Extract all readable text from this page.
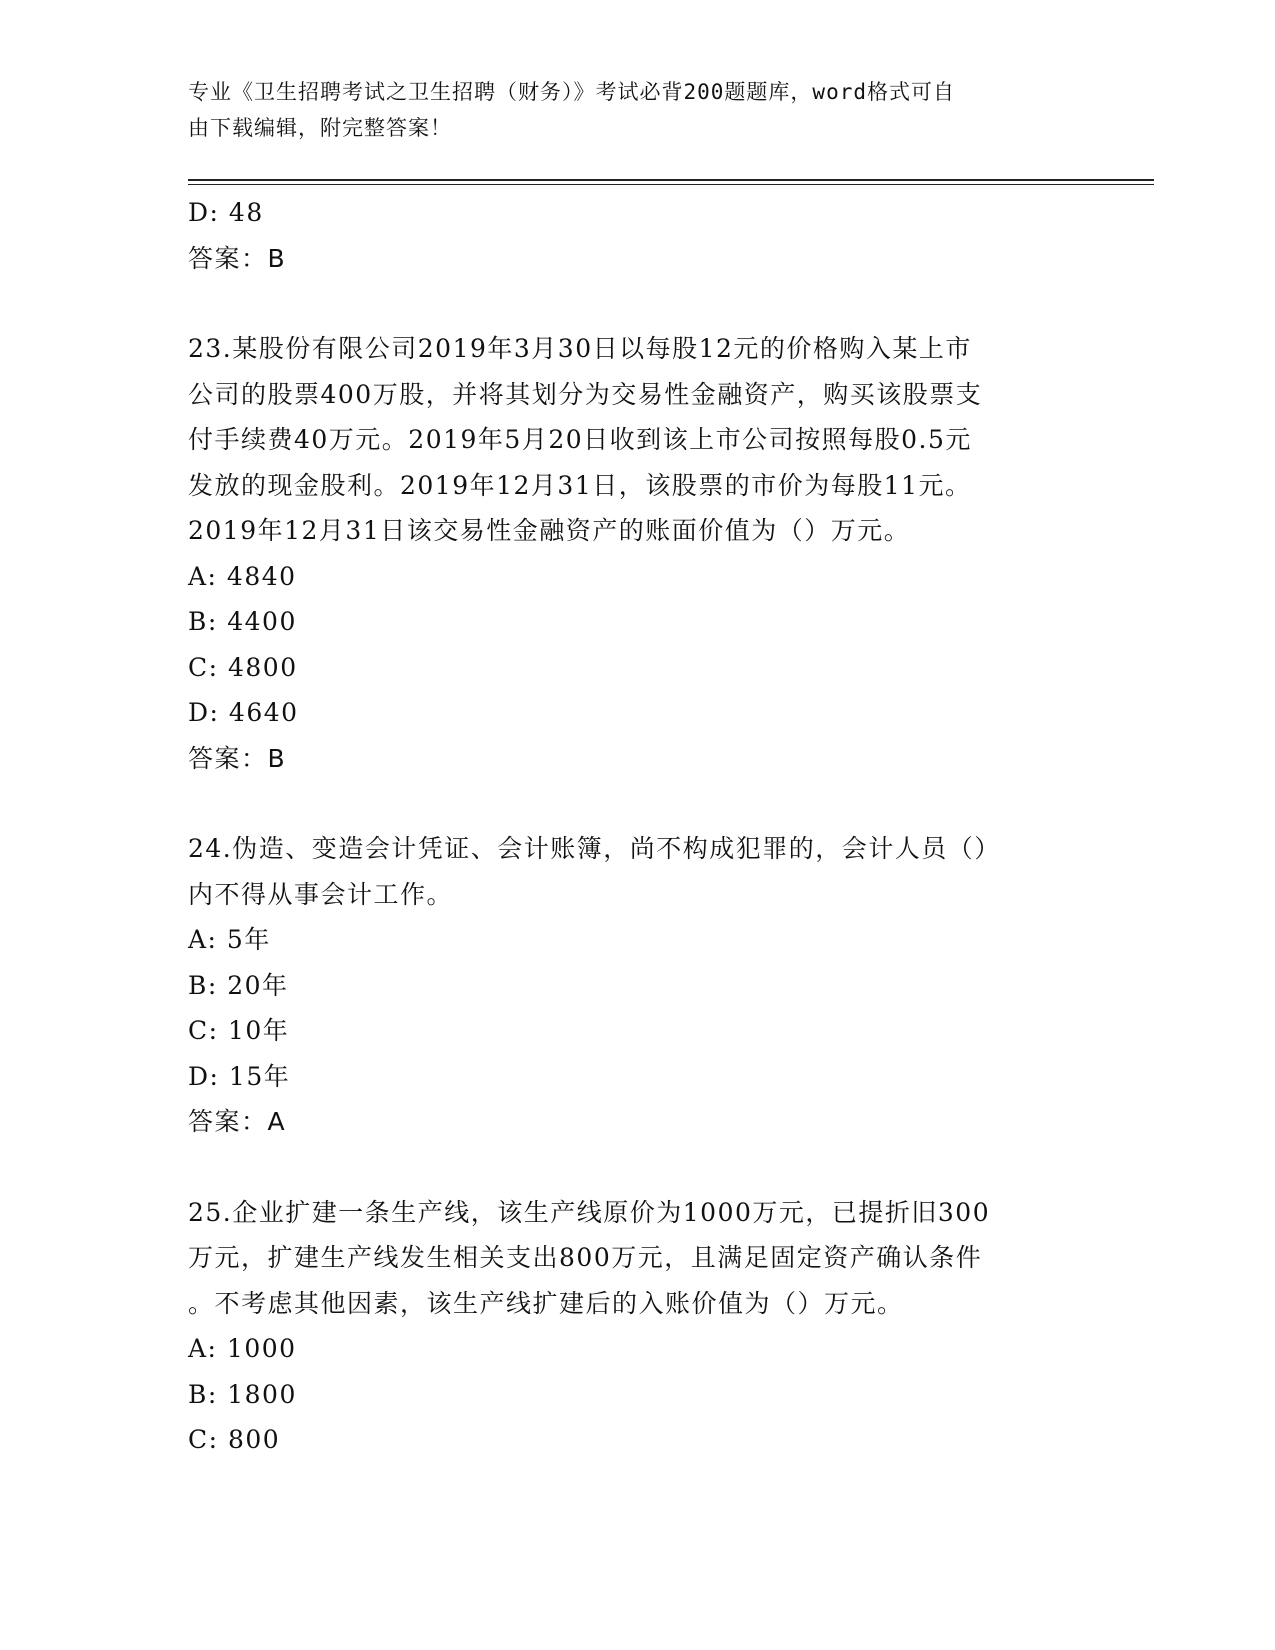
专业《卫生招聘考试之卫生招聘（财务）》考试必背200题题库，word格式可自
由下载编辑，附完整答案！
D: 48
答案：B
23.某股份有限公司2019年3月30日以每股12元的价格购入某上市
公司的股票400万股，并将其划分为交易性金融资产，购买该股票支
付手续费40万元。2019年5月20日收到该上市公司按照每股0.5元
发放的现金股利。2019年12月31日，该股票的市价为每股11元。
2019年12月31日该交易性金融资产的账面价值为（）万元。
A: 4840
B: 4400
C: 4800
D: 4640
答案：B
24.伪造、变造会计凭证、会计账簿，尚不构成犯罪的，会计人员（）
内不得从事会计工作。
A: 5年
B: 20年
C: 10年
D: 15年
答案：A
25.企业扩建一条生产线，该生产线原价为1000万元，已提折旧300
万元，扩建生产线发生相关支出800万元，且满足固定资产确认条件
。不考虑其他因素，该生产线扩建后的入账价值为（）万元。
A: 1000
B: 1800
C: 800
